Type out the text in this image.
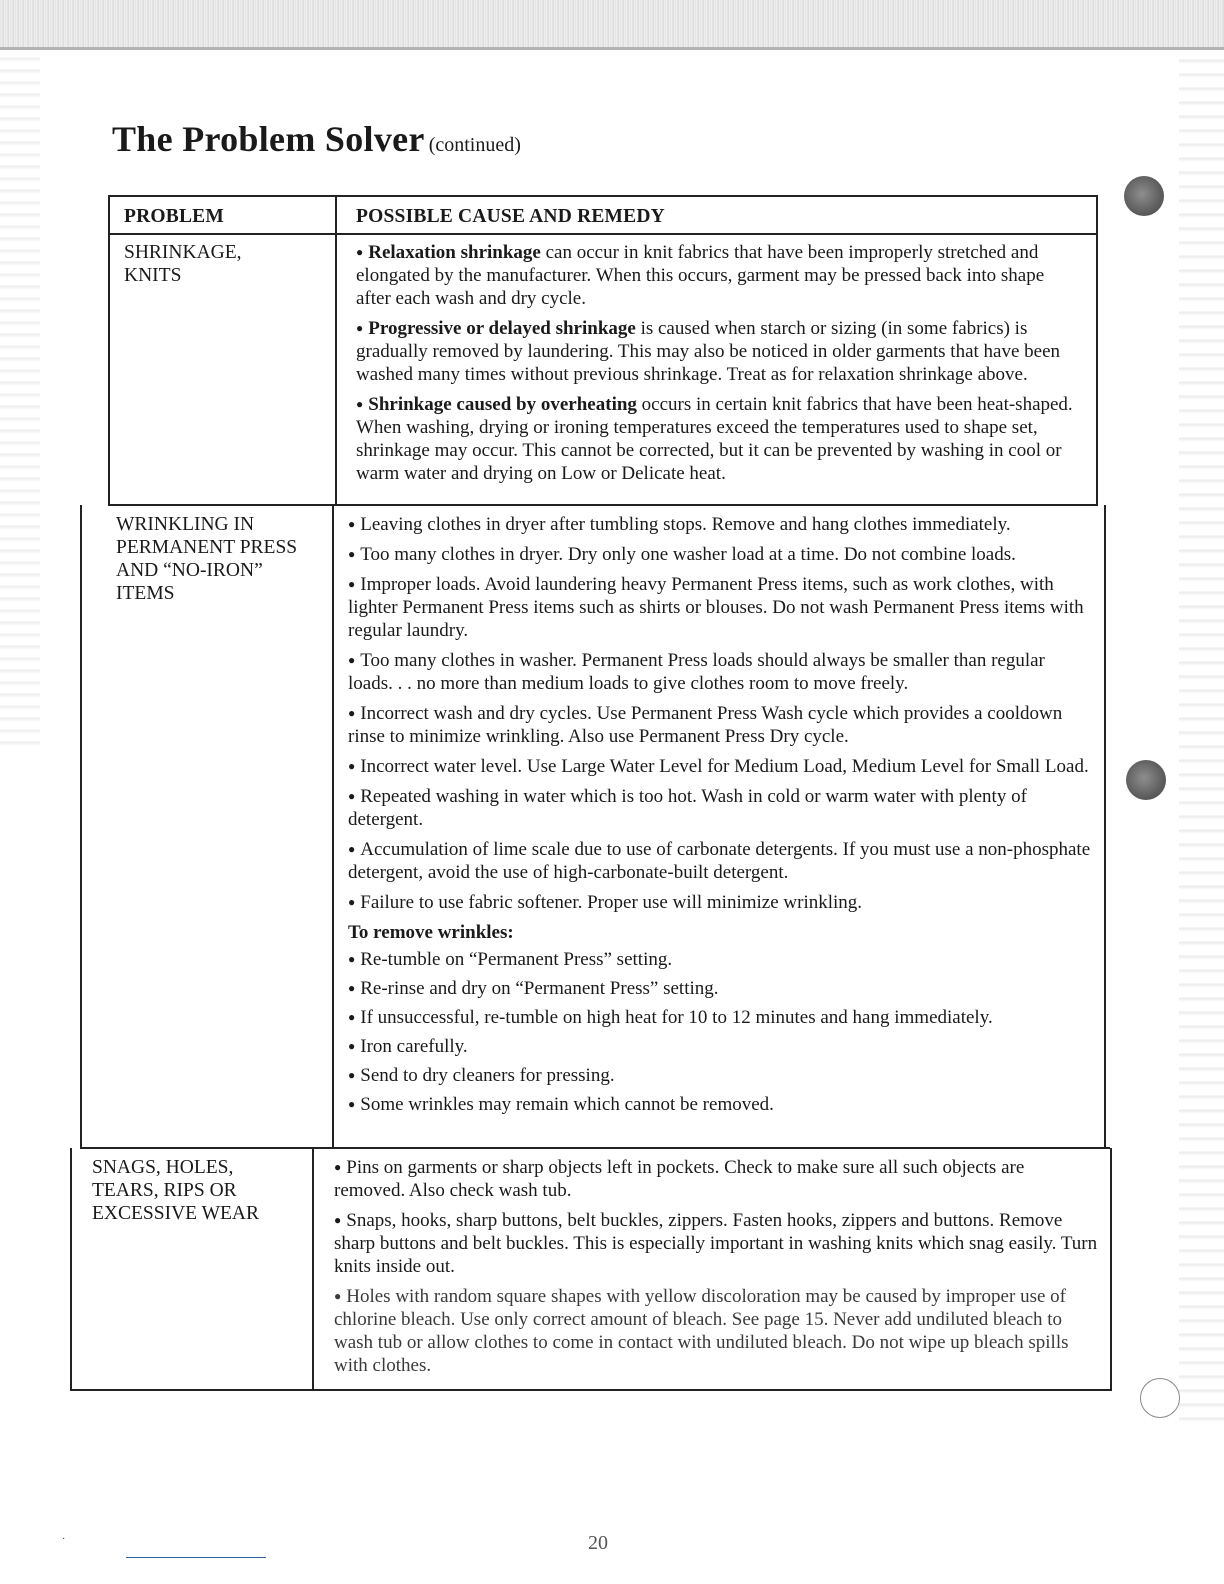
The Problem Solver (continued)
PROBLEM	POSSIBLE CAUSE AND REMEDY
SHRINKAGE,
KNITS

● Relaxation shrinkage can occur in knit fabrics that have been improperly stretched and elongated by the manufacturer. When this occurs, garment may be pressed back into shape after each wash and dry cycle.

● Progressive or delayed shrinkage is caused when starch or sizing (in some fabrics) is gradually removed by laundering. This may also be noticed in older garments that have been washed many times without previous shrinkage. Treat as for relaxation shrinkage above.

● Shrinkage caused by overheating occurs in certain knit fabrics that have been heat-shaped. When washing, drying or ironing temperatures exceed the temperatures used to shape set, shrinkage may occur. This cannot be corrected, but it can be prevented by washing in cool or warm water and drying on Low or Delicate heat.

WRINKLING IN
PERMANENT PRESS
AND “NO-IRON”
ITEMS

● Leaving clothes in dryer after tumbling stops. Remove and hang clothes immediately.

● Too many clothes in dryer. Dry only one washer load at a time. Do not combine loads.

● Improper loads. Avoid laundering heavy Permanent Press items, such as work clothes, with lighter Permanent Press items such as shirts or blouses. Do not wash Permanent Press items with regular laundry.

● Too many clothes in washer. Permanent Press loads should always be smaller than regular loads. . . no more than medium loads to give clothes room to move freely.

● Incorrect wash and dry cycles. Use Permanent Press Wash cycle which provides a cooldown rinse to minimize wrinkling. Also use Permanent Press Dry cycle.

● Incorrect water level. Use Large Water Level for Medium Load, Medium Level for Small Load.

● Repeated washing in water which is too hot. Wash in cold or warm water with plenty of detergent.

● Accumulation of lime scale due to use of carbonate detergents. If you must use a non-phosphate detergent, avoid the use of high-carbonate-built detergent.

● Failure to use fabric softener. Proper use will minimize wrinkling.

To remove wrinkles:

● Re-tumble on “Permanent Press” setting.

● Re-rinse and dry on “Permanent Press” setting.

● If unsuccessful, re-tumble on high heat for 10 to 12 minutes and hang immediately.

● Iron carefully.

● Send to dry cleaners for pressing.

● Some wrinkles may remain which cannot be removed.

SNAGS, HOLES,
TEARS, RIPS OR
EXCESSIVE WEAR

● Pins on garments or sharp objects left in pockets. Check to make sure all such objects are removed. Also check wash tub.

● Snaps, hooks, sharp buttons, belt buckles, zippers. Fasten hooks, zippers and buttons. Remove sharp buttons and belt buckles. This is especially important in washing knits which snag easily. Turn knits inside out.

● Holes with random square shapes with yellow discoloration may be caused by improper use of chlorine bleach. Use only correct amount of bleach. See page 15. Never add undiluted bleach to wash tub or allow clothes to come in contact with undiluted bleach. Do not wipe up bleach spills with clothes.

·	20
